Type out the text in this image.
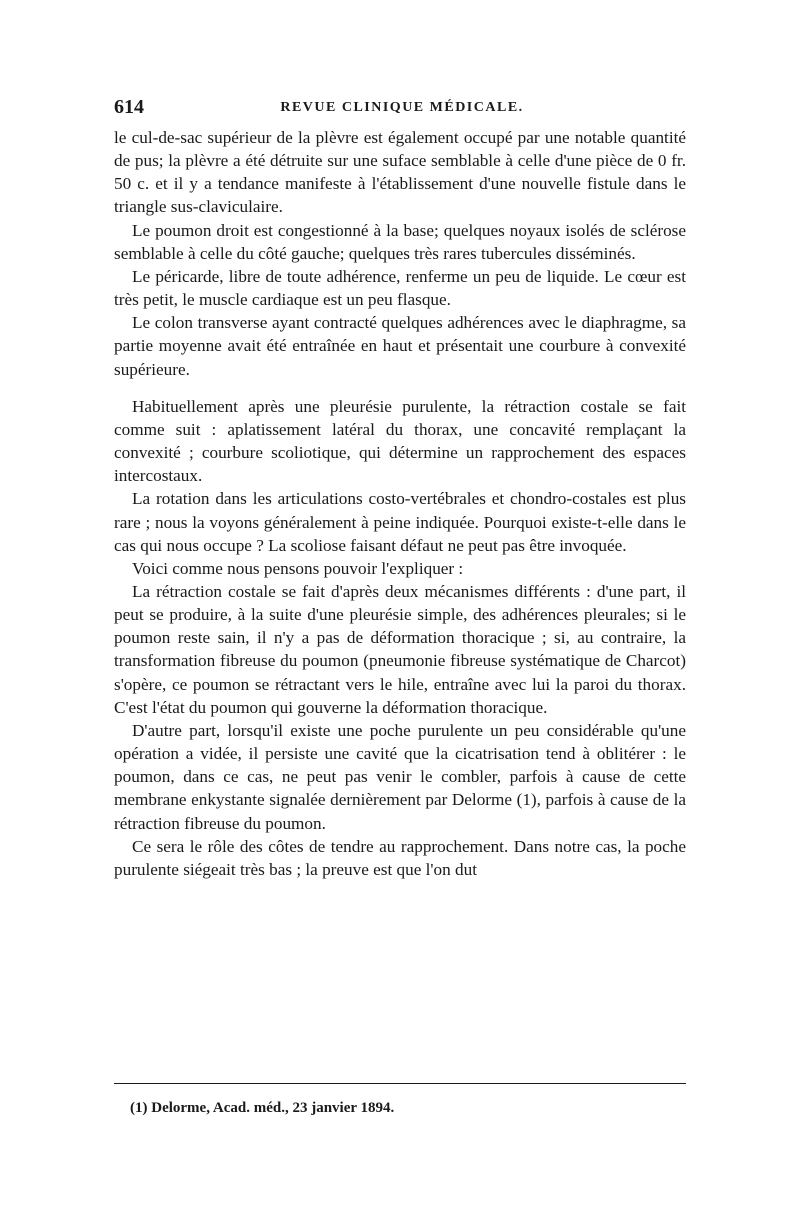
614	REVUE CLINIQUE MÉDICALE.

le cul-de-sac supérieur de la plèvre est également occupé par une notable quantité de pus; la plèvre a été détruite sur une suface semblable à celle d'une pièce de 0 fr. 50 c. et il y a tendance manifeste à l'établissement d'une nouvelle fistule dans le triangle sus-claviculaire.

Le poumon droit est congestionné à la base; quelques noyaux isolés de sclérose semblable à celle du côté gauche; quelques très rares tubercules disséminés.

Le péricarde, libre de toute adhérence, renferme un peu de liquide. Le cœur est très petit, le muscle cardiaque est un peu flasque.

Le colon transverse ayant contracté quelques adhérences avec le diaphragme, sa partie moyenne avait été entraînée en haut et présentait une courbure à convexité supérieure.

Habituellement après une pleurésie purulente, la rétraction costale se fait comme suit : aplatissement latéral du thorax, une concavité remplaçant la convexité ; courbure scoliotique, qui détermine un rapprochement des espaces intercostaux.

La rotation dans les articulations costo-vertébrales et chondro-costales est plus rare ; nous la voyons généralement à peine indiquée. Pourquoi existe-t-elle dans le cas qui nous occupe ? La scoliose faisant défaut ne peut pas être invoquée.

Voici comme nous pensons pouvoir l'expliquer :

La rétraction costale se fait d'après deux mécanismes différents : d'une part, il peut se produire, à la suite d'une pleurésie simple, des adhérences pleurales; si le poumon reste sain, il n'y a pas de déformation thoracique ; si, au contraire, la transformation fibreuse du poumon (pneumonie fibreuse systématique de Charcot) s'opère, ce poumon se rétractant vers le hile, entraîne avec lui la paroi du thorax. C'est l'état du poumon qui gouverne la déformation thoracique.

D'autre part, lorsqu'il existe une poche purulente un peu considérable qu'une opération a vidée, il persiste une cavité que la cicatrisation tend à oblitérer : le poumon, dans ce cas, ne peut pas venir le combler, parfois à cause de cette membrane enkystante signalée dernièrement par Delorme (1), parfois à cause de la rétraction fibreuse du poumon.

Ce sera le rôle des côtes de tendre au rapprochement. Dans notre cas, la poche purulente siégeait très bas ; la preuve est que l'on dut

(1) Delorme, Acad. méd., 23 janvier 1894.
